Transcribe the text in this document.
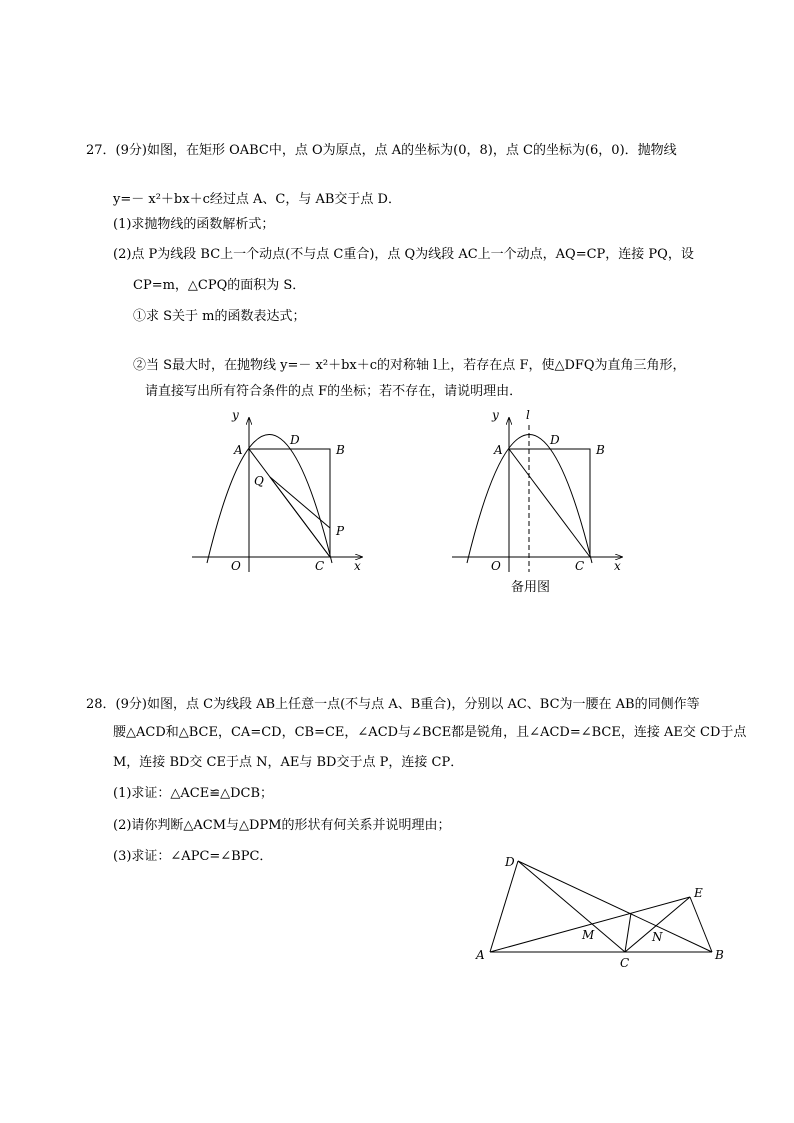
27．(9分)如图，在矩形 OABC中，点 O为原点，点 A的坐标为(0，8)，点 C的坐标为(6，0)．抛物线
y=－ x²＋bx＋c经过点 A、C，与 AB交于点 D．
(1)求抛物线的函数解析式；
(2)点 P为线段 BC上一个动点(不与点 C重合)，点 Q为线段 AC上一个动点，AQ=CP，连接 PQ，设
CP=m，△CPQ的面积为 S．
①求 S关于 m的函数表达式；
②当 S最大时，在抛物线 y=－ x²＋bx＋c的对称轴 l上，若存在点 F，使△DFQ为直角三角形，
请直接写出所有符合条件的点 F的坐标；若不存在，请说明理由．
y
A
D
B
Q
P
O	C x
y l
A
D
B
O	C x
D
E
M	N
A
C
B
备用图
28．(9分)如图，点 C为线段 AB上任意一点(不与点 A、B重合)，分别以 AC、BC为一腰在 AB的同侧作等
腰△ACD和△BCE，CA=CD，CB=CE，∠ACD与∠BCE都是锐角，且∠ACD=∠BCE，连接 AE交 CD于点
M，连接 BD交 CE于点 N，AE与 BD交于点 P，连接 CP．
(1)求证：△ACE≌△DCB；
(2)请你判断△ACM与△DPM的形状有何关系并说明理由；
(3)求证：∠APC=∠BPC．
